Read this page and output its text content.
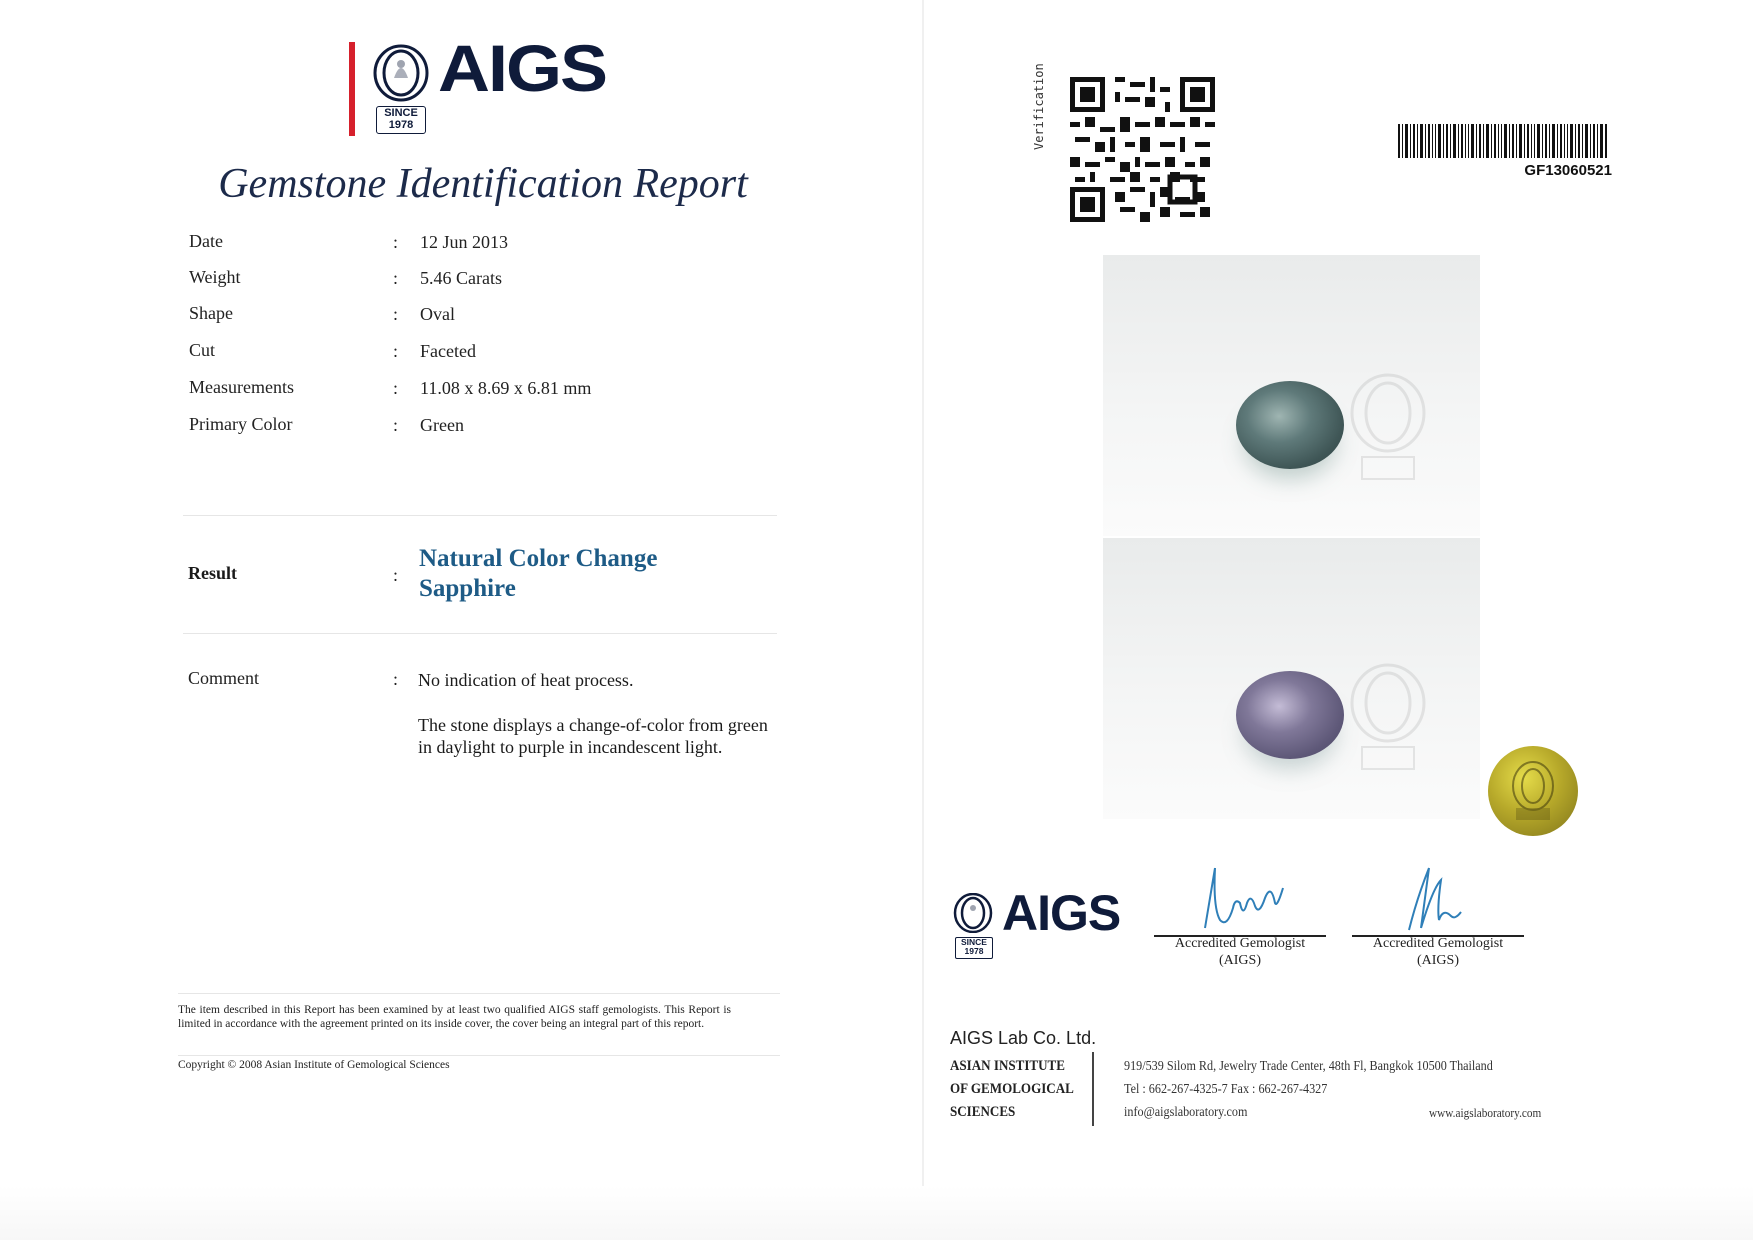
AIGS
SINCE
1978
Gemstone Identification Report
Date	: 12 Jun 2013
Weight	: 5.46 Carats
Shape	: Oval
Cut	: Faceted
Measurements	: 11.08 x 8.69 x 6.81 mm
Primary Color	: Green
Result	:
Natural Color Change
Sapphire
Comment	: No indication of heat process.
The stone displays a change-of-color from green in daylight to purple in incandescent light.
The item described in this Report has been examined by at least two qualified AIGS staff gemologists. This Report is limited in accordance with the agreement printed on its inside cover, the cover being an integral part of this report.
Copyright © 2008 Asian Institute of Gemological Sciences
Verification
GF13060521
AIGS
SINCE
1978	Accredited Gemologist
(AIGS)
Accredited Gemologist
(AIGS)
AIGS Lab Co. Ltd.
ASIAN INSTITUTE
OF GEMOLOGICAL
SCIENCES
919/539 Silom Rd, Jewelry Trade Center, 48th Fl, Bangkok 10500 Thailand
Tel : 662-267-4325-7 Fax : 662-267-4327
info@aigslaboratory.com	www.aigslaboratory.com
